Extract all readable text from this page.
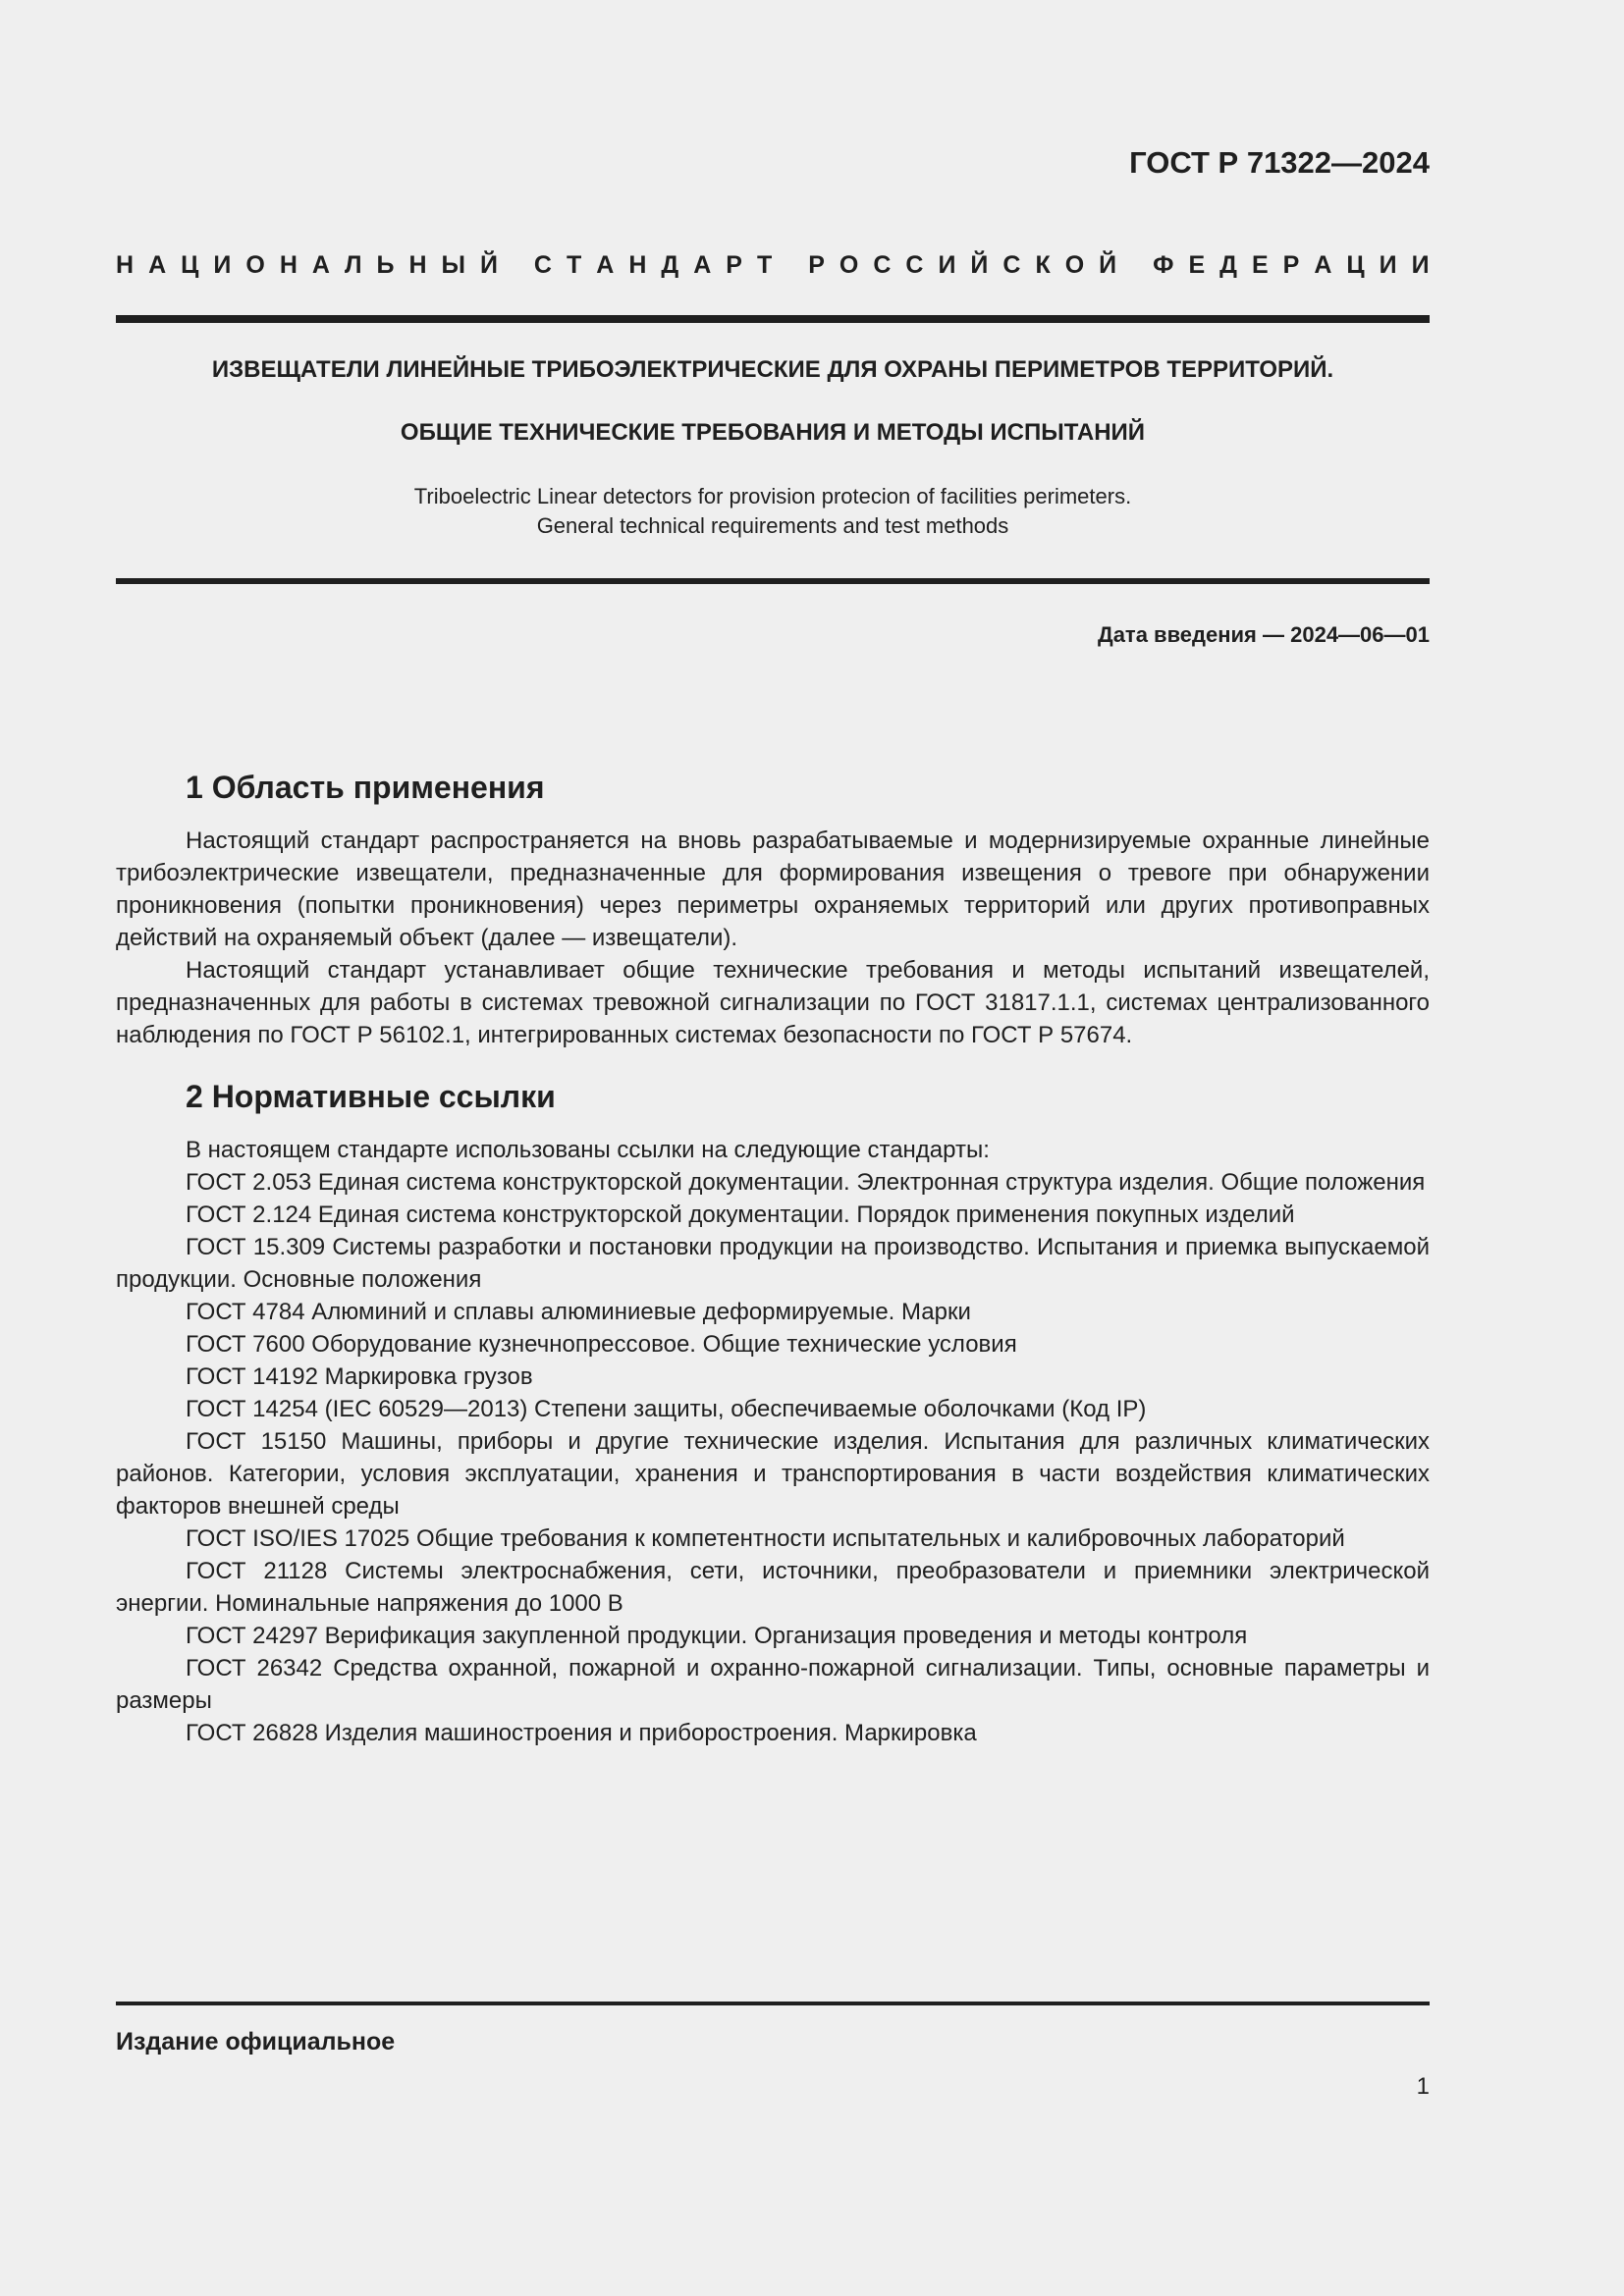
ГОСТ Р 71322—2024

Н А Ц И О Н А Л Ь Н Ы Й
С Т А Н Д А Р Т
Р О С С И Й С К О Й
Ф Е Д Е Р А Ц И И

ИЗВЕЩАТЕЛИ ЛИНЕЙНЫЕ ТРИБОЭЛЕКТРИЧЕСКИЕ ДЛЯ ОХРАНЫ ПЕРИМЕТРОВ ТЕРРИТОРИЙ.

ОБЩИЕ ТЕХНИЧЕСКИЕ ТРЕБОВАНИЯ И МЕТОДЫ ИСПЫТАНИЙ

Triboelectric Linear detectors for provision protecion of facilities perimeters.
General technical requirements and test methods

Дата введения — 2024—06—01

1 Область применения

Настоящий стандарт распространяется на вновь разрабатываемые и модернизируемые охранные линейные трибоэлектрические извещатели, предназначенные для формирования извещения о тревоге при обнаружении проникновения (попытки проникновения) через периметры охраняемых территорий или других противоправных действий на охраняемый объект (далее — извещатели).

Настоящий стандарт устанавливает общие технические требования и методы испытаний извещателей, предназначенных для работы в системах тревожной сигнализации по ГОСТ 31817.1.1, системах централизованного наблюдения по ГОСТ Р 56102.1, интегрированных системах безопасности по ГОСТ Р 57674.

2 Нормативные ссылки

В настоящем стандарте использованы ссылки на следующие стандарты:

ГОСТ 2.053 Единая система конструкторской документации. Электронная структура изделия. Общие положения

ГОСТ 2.124 Единая система конструкторской документации. Порядок применения покупных изделий

ГОСТ 15.309 Системы разработки и постановки продукции на производство. Испытания и приемка выпускаемой продукции. Основные положения

ГОСТ 4784 Алюминий и сплавы алюминиевые деформируемые. Марки

ГОСТ 7600 Оборудование кузнечнопрессовое. Общие технические условия

ГОСТ 14192 Маркировка грузов

ГОСТ 14254 (IEC 60529—2013) Степени защиты, обеспечиваемые оболочками (Код IP)

ГОСТ 15150 Машины, приборы и другие технические изделия. Испытания для различных климатических районов. Категории, условия эксплуатации, хранения и транспортирования в части воздействия климатических факторов внешней среды

ГОСТ ISO/IES 17025 Общие требования к компетентности испытательных и калибровочных лабораторий

ГОСТ 21128 Системы электроснабжения, сети, источники, преобразователи и приемники электрической энергии. Номинальные напряжения до 1000 В

ГОСТ 24297 Верификация закупленной продукции. Организация проведения и методы контроля

ГОСТ 26342 Средства охранной, пожарной и охранно-пожарной сигнализации. Типы, основные параметры и размеры

ГОСТ 26828 Изделия машиностроения и приборостроения. Маркировка

Издание официальное

1
